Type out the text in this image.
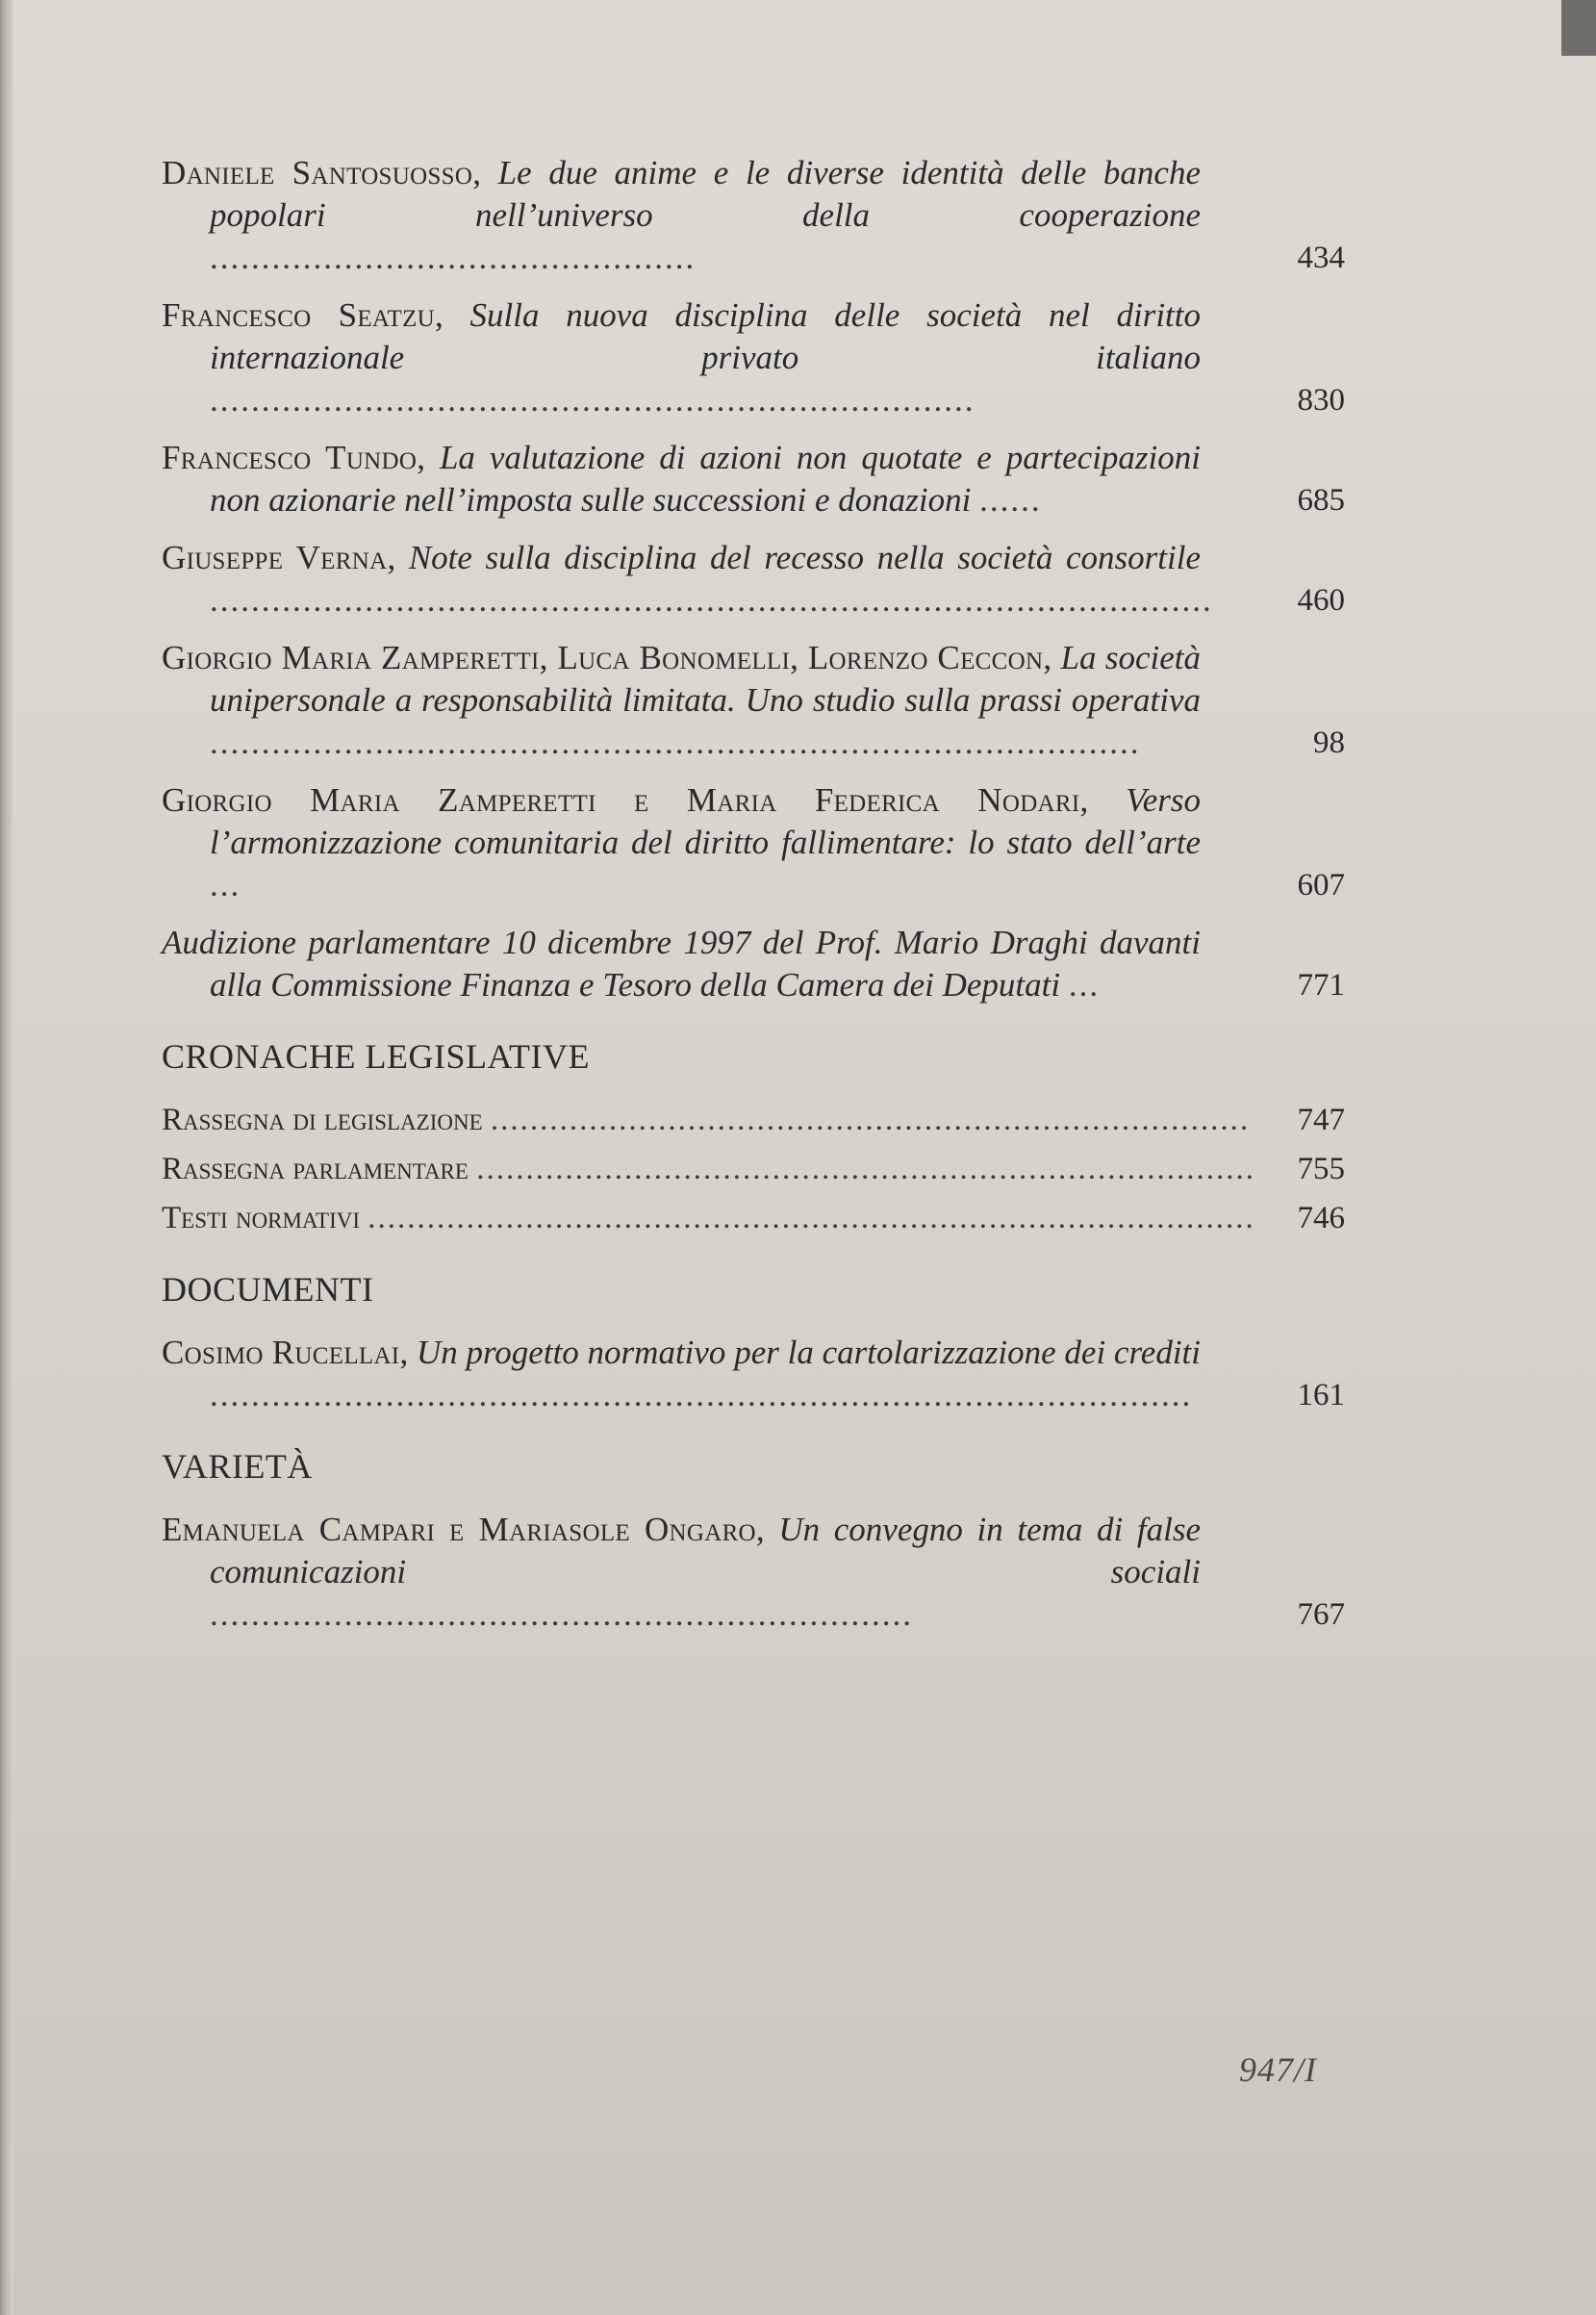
Daniele Santosuosso, Le due anime e le diverse identità delle banche popolari nell’universo della cooperazione ...............................................	434
Francesco Seatzu, Sulla nuova disciplina delle società nel diritto internazionale privato italiano ..........................................................................	830
Francesco Tundo, La valutazione di azioni non quotate e partecipazioni non azionarie nell’imposta sulle successioni e donazioni ......	685
Giuseppe Verna, Note sulla disciplina del recesso nella società consortile .................................................................................................	460
Giorgio Maria Zamperetti, Luca Bonomelli, Lorenzo Ceccon, La società unipersonale a responsabilità limitata. Uno studio sulla prassi operativa ..........................................................................................	98
Giorgio Maria Zamperetti e Maria Federica Nodari, Verso l’armonizzazione comunitaria del diritto fallimentare: lo stato dell’arte ...	607
Audizione parlamentare 10 dicembre 1997 del Prof. Mario Draghi davanti alla Commissione Finanza e Tesoro della Camera dei Deputati ...	771
CRONACHE LEGISLATIVE
Rassegna di legislazione ............................................................................. 747
Rassegna parlamentare ............................................................................... 755
Testi normativi .......................................................................................... 746
DOCUMENTI
Cosimo Rucellai, Un progetto normativo per la cartolarizzazione dei crediti ...............................................................................................	161
VARIETÀ
Emanuela Campari e Mariasole Ongaro, Un convegno in tema di false comunicazioni sociali ....................................................................	767
947/I
